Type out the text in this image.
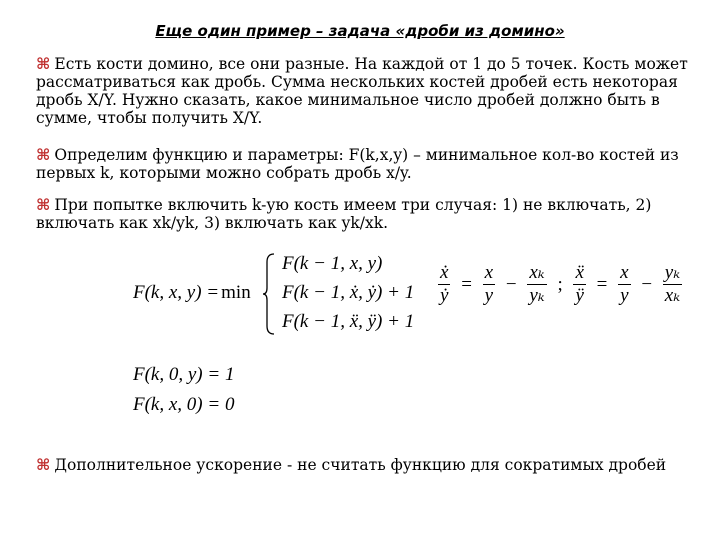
Еще один пример – задача «дроби из домино»
⌘ Есть кости домино, все они разные. На каждой от 1 до 5 точек. Кость может рассматриваться как дробь. Сумма нескольких костей дробей есть некоторая дробь X/Y. Нужно сказать, какое минимальное число дробей должно быть в сумме, чтобы получить X/Y.
⌘ Определим функцию и параметры: F(k,x,y) – минимальное кол-во костей из первых k, которыми можно собрать дробь x/y.
⌘ При попытке включить k-ую кость имеем три случая: 1) не включать, 2) включать как xk/yk, 3) включать как yk/xk.
F(k, x, y) = min
F(k − 1, x, y)
F(k − 1, ẋ, ẏ) + 1
F(k − 1, ẍ, ÿ) + 1
$\frac{\text{ẋ}}{\text{ẏ}} = \frac{x}{y} - \frac{\text{xₖ}}{\text{yₖ}}$ ; $\frac{\text{ẍ}}{ÿ} = \frac{x}{y} - \frac{\text{yₖ}}{\text{xₖ}}$
F(k, 0, y) = 1
F(k, x, 0) = 0
⌘ Дополнительное ускорение - не считать функцию для сократимых дробей
